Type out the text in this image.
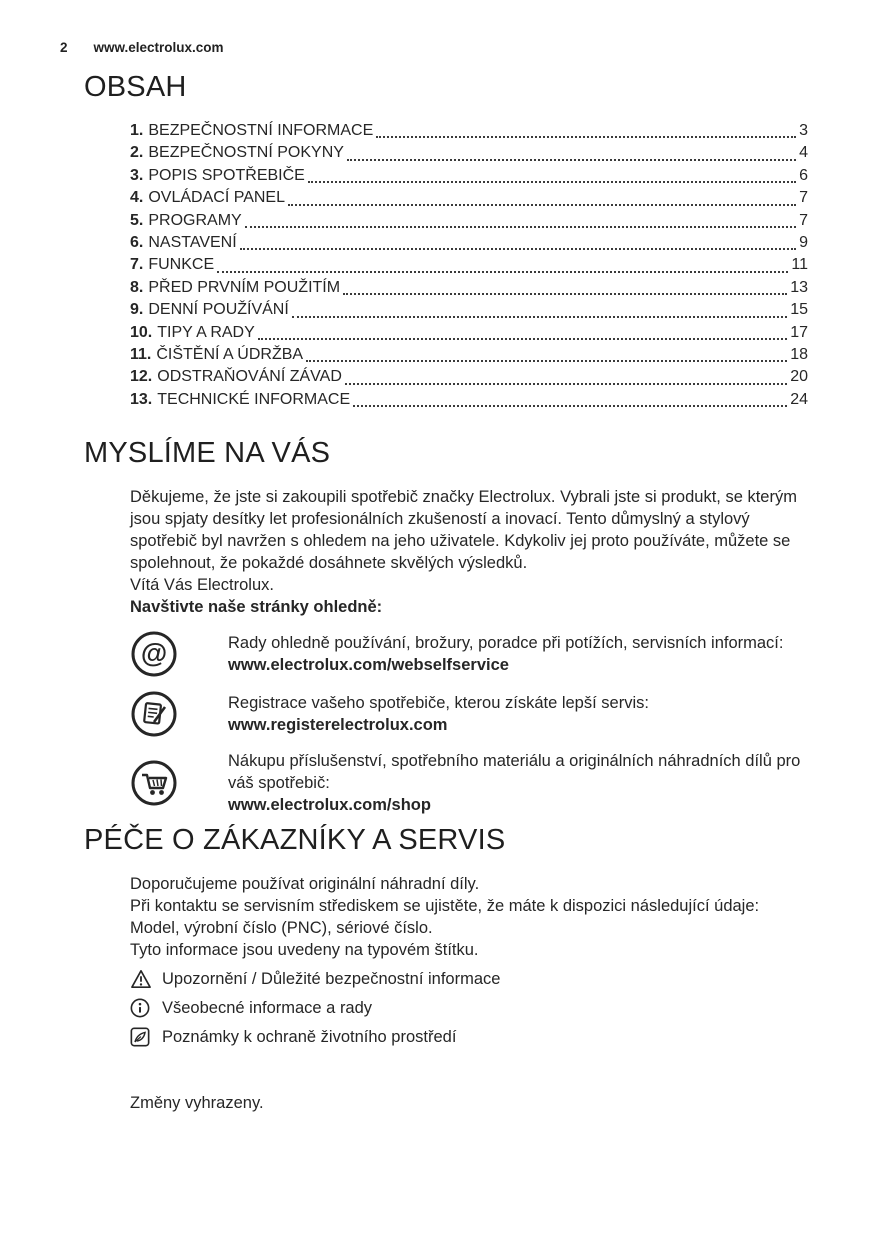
2 www.electrolux.com
OBSAH
1. BEZPEČNOSTNÍ INFORMACE	3
2. BEZPEČNOSTNÍ POKYNY	4
3. POPIS SPOTŘEBIČE	6
4. OVLÁDACÍ PANEL	7
5. PROGRAMY	7
6. NASTAVENÍ	9
7. FUNKCE	11
8. PŘED PRVNÍM POUŽITÍM	13
9. DENNÍ POUŽÍVÁNÍ	15
10. TIPY A RADY	17
11. ČIŠTĚNÍ A ÚDRŽBA	18
12. ODSTRAŇOVÁNÍ ZÁVAD	20
13. TECHNICKÉ INFORMACE	24
MYSLÍME NA VÁS

Děkujeme, že jste si zakoupili spotřebič značky Electrolux. Vybrali jste si produkt, se kterým jsou spjaty desítky let profesionálních zkušeností a inovací. Tento důmyslný a stylový spotřebič byl navržen s ohledem na jeho uživatele. Kdykoliv jej proto používáte, můžete se spolehnout, že pokaždé dosáhnete skvělých výsledků.

Vítá Vás Electrolux.

Navštivte naše stránky ohledně:

@	Rady ohledně používání, brožury, poradce při potížích, servisních informací:
www.electrolux.com/webselfservice
Registrace vašeho spotřebiče, kterou získáte lepší servis:
www.registerelectrolux.com
Nákupu příslušenství, spotřebního materiálu a originálních náhradních dílů pro váš spotřebič:
www.electrolux.com/shop
PÉČE O ZÁKAZNÍKY A SERVIS

Doporučujeme používat originální náhradní díly.

Při kontaktu se servisním střediskem se ujistěte, že máte k dispozici následující údaje: Model, výrobní číslo (PNC), sériové číslo.

Tyto informace jsou uvedeny na typovém štítku.

Upozornění / Důležité bezpečnostní informace
Všeobecné informace a rady
Poznámky k ochraně životního prostředí

Změny vyhrazeny.
